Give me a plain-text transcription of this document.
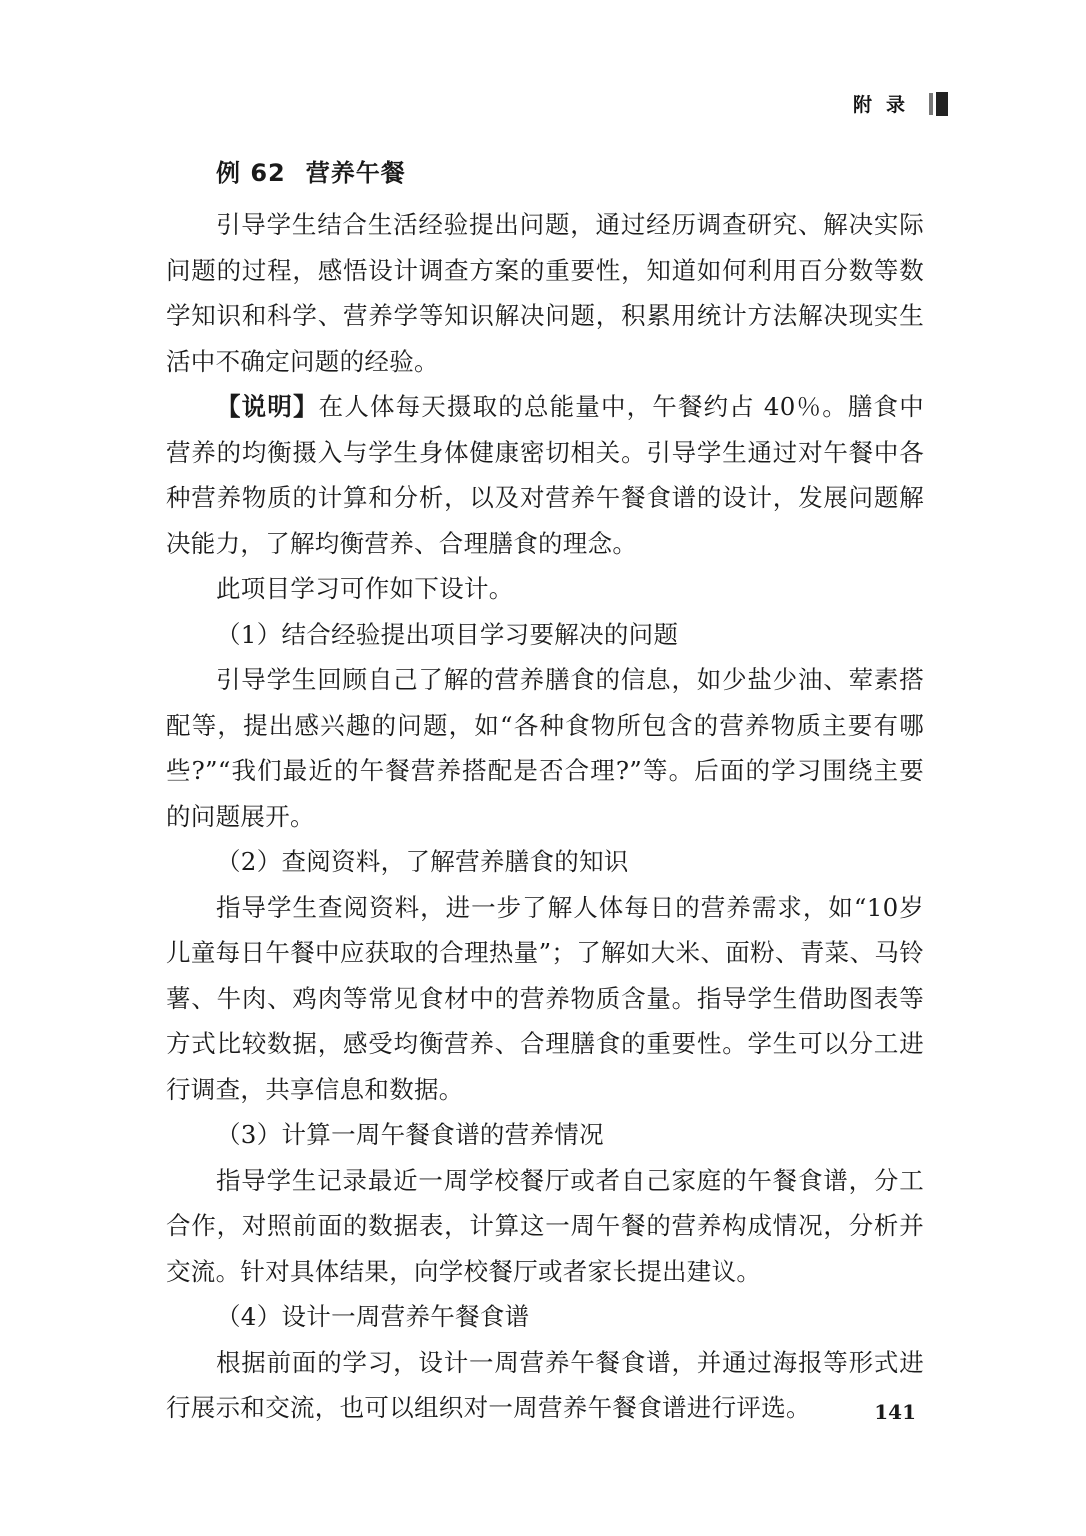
附录
例 62 营养午餐

引导学生结合生活经验提出问题，通过经历调查研究、解决实际问题的过程，感悟设计调查方案的重要性，知道如何利用百分数等数学知识和科学、营养学等知识解决问题，积累用统计方法解决现实生活中不确定问题的经验。

【说明】在人体每天摄取的总能量中，午餐约占 40％。膳食中营养的均衡摄入与学生身体健康密切相关。引导学生通过对午餐中各种营养物质的计算和分析，以及对营养午餐食谱的设计，发展问题解决能力，了解均衡营养、合理膳食的理念。

此项目学习可作如下设计。

（1）结合经验提出项目学习要解决的问题

引导学生回顾自己了解的营养膳食的信息，如少盐少油、荤素搭配等，提出感兴趣的问题，如“各种食物所包含的营养物质主要有哪些?”“我们最近的午餐营养搭配是否合理?”等。后面的学习围绕主要的问题展开。

（2）查阅资料，了解营养膳食的知识

指导学生查阅资料，进一步了解人体每日的营养需求，如“10岁儿童每日午餐中应获取的合理热量”；了解如大米、面粉、青菜、马铃薯、牛肉、鸡肉等常见食材中的营养物质含量。指导学生借助图表等方式比较数据，感受均衡营养、合理膳食的重要性。学生可以分工进行调查，共享信息和数据。

（3）计算一周午餐食谱的营养情况

指导学生记录最近一周学校餐厅或者自己家庭的午餐食谱，分工合作，对照前面的数据表，计算这一周午餐的营养构成情况，分析并交流。针对具体结果，向学校餐厅或者家长提出建议。

（4）设计一周营养午餐食谱

根据前面的学习，设计一周营养午餐食谱，并通过海报等形式进行展示和交流，也可以组织对一周营养午餐食谱进行评选。	141
